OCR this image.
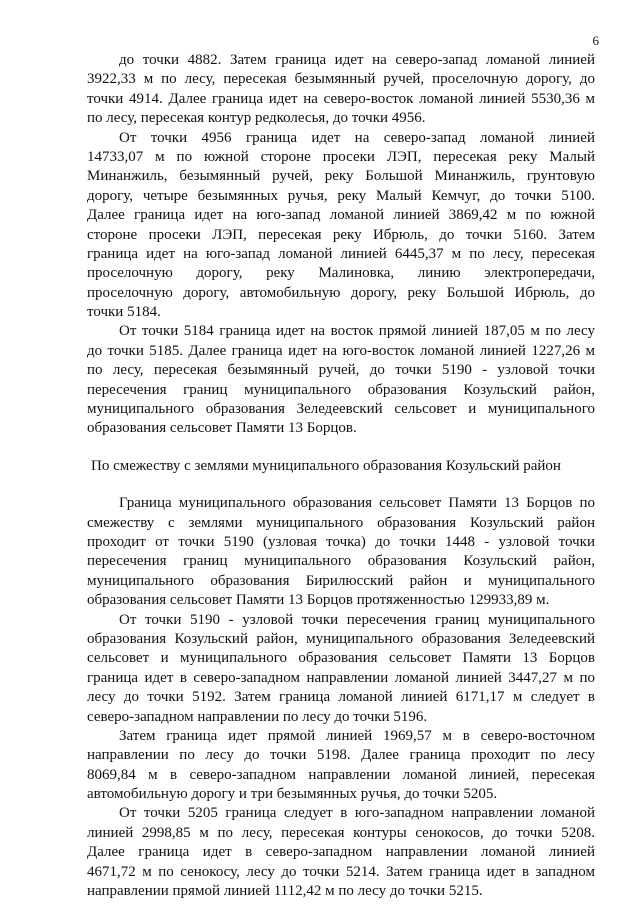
6
до точки 4882. Затем граница идет на северо-запад ломаной линией
3922,33 м по лесу, пересекая безымянный ручей, проселочную дорогу, до
точки 4914. Далее граница идет на северо-восток ломаной линией 5530,36 м
по лесу, пересекая контур редколесья, до точки 4956.
От точки 4956 граница идет на северо-запад ломаной линией
14733,07 м по южной стороне просеки ЛЭП, пересекая реку Малый
Минанжиль, безымянный ручей, реку Большой Минанжиль, грунтовую
дорогу, четыре безымянных ручья, реку Малый Кемчуг, до точки 5100.
Далее граница идет на юго-запад ломаной линией 3869,42 м по южной
стороне просеки ЛЭП, пересекая реку Ибрюль, до точки 5160. Затем
граница идет на юго-запад ломаной линией 6445,37 м по лесу, пересекая
проселочную дорогу, реку Малиновка, линию электропередачи,
проселочную дорогу, автомобильную дорогу, реку Большой Ибрюль, до
точки 5184.
От точки 5184 граница идет на восток прямой линией 187,05 м по лесу
до точки 5185. Далее граница идет на юго-восток ломаной линией 1227,26 м
по лесу, пересекая безымянный ручей, до точки 5190 - узловой точки
пересечения границ муниципального образования Козульский район,
муниципального образования Зеледеевский сельсовет и муниципального
образования сельсовет Памяти 13 Борцов.
По смежеству с землями муниципального образования Козульский район
Граница муниципального образования сельсовет Памяти 13 Борцов по
смежеству с землями муниципального образования Козульский район
проходит от точки 5190 (узловая точка) до точки 1448 - узловой точки
пересечения границ муниципального образования Козульский район,
муниципального образования Бирилюсский район и муниципального
образования сельсовет Памяти 13 Борцов протяженностью 129933,89 м.
От точки 5190 - узловой точки пересечения границ муниципального
образования Козульский район, муниципального образования Зеледеевский
сельсовет и муниципального образования сельсовет Памяти 13 Борцов
граница идет в северо-западном направлении ломаной линией 3447,27 м по
лесу до точки 5192. Затем граница ломаной линией 6171,17 м следует в
северо-западном направлении по лесу до точки 5196.
Затем граница идет прямой линией 1969,57 м в северо-восточном
направлении по лесу до точки 5198. Далее граница проходит по лесу
8069,84 м в северо-западном направлении ломаной линией, пересекая
автомобильную дорогу и три безымянных ручья, до точки 5205.
От точки 5205 граница следует в юго-западном направлении ломаной
линией 2998,85 м по лесу, пересекая контуры сенокосов, до точки 5208.
Далее граница идет в северо-западном направлении ломаной линией
4671,72 м по сенокосу, лесу до точки 5214. Затем граница идет в западном
направлении прямой линией 1112,42 м по лесу до точки 5215.
